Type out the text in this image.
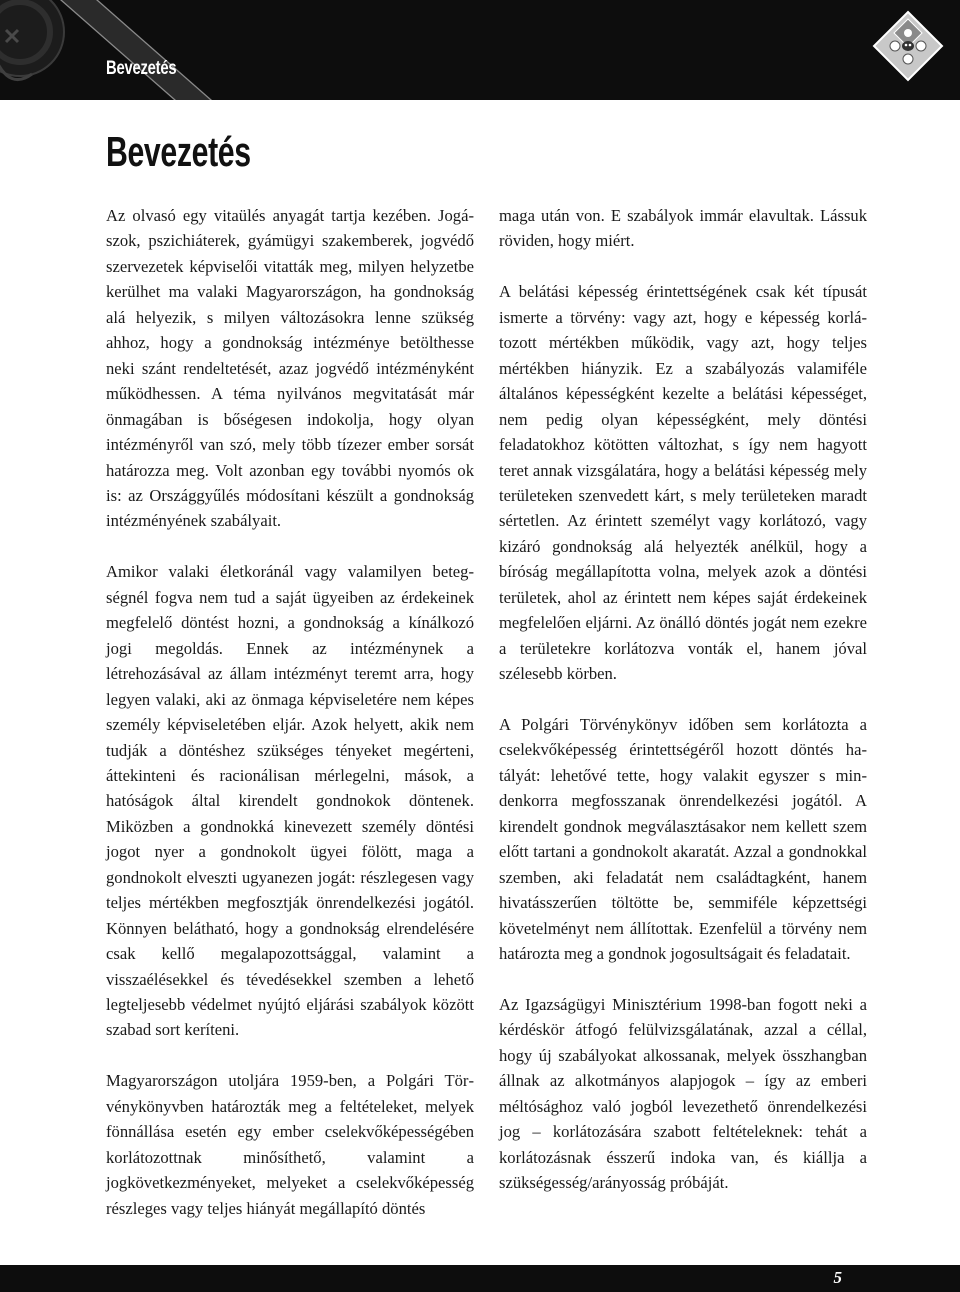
Bevezetés
Bevezetés

Az olvasó egy vitaülés anyagát tartja kezében. Jogászok, pszichiáterek, gyámügyi szakemberek, jogvédő szervezetek képviselői vitatták meg, milyen helyzetbe kerülhet ma valaki Magyarországon, ha gondnokság alá helyezik, s milyen változásokra lenne szükség ahhoz, hogy a gondnokság intézménye betölthesse neki szánt rendeltetését, azaz jogvédő intézményként működhessen. A téma nyilvános megvitatását már önmagában is bőségesen indokolja, hogy olyan intézményről van szó, mely több tízezer ember sorsát határozza meg. Volt azonban egy további nyomós ok is: az Országgyűlés módosítani készült a gondnokság intézményének szabályait.

Amikor valaki életkoránál vagy valamilyen betegségnél fogva nem tud a saját ügyeiben az érdekeinek megfelelő döntést hozni, a gondnokság a kínálkozó jogi megoldás. Ennek az intézménynek a létrehozásával az állam intézményt teremt arra, hogy legyen valaki, aki az önmaga képviseletére nem képes személy képviseletében eljár. Azok helyett, akik nem tudják a döntéshez szükséges tényeket megérteni, áttekinteni és racionálisan mérlegelni, mások, a hatóságok által kirendelt gondnokok döntenek. Miközben a gondnokká kinevezett személy döntési jogot nyer a gondnokolt ügyei fölött, maga a gondnokolt elveszti ugyanezen jogát: részlegesen vagy teljes mértékben megfosztják önrendelkezési jogától. Könnyen belátható, hogy a gondnokság elrendelésére csak kellő megalapozottsággal, valamint a visszaélésekkel és tévedésekkel szemben a lehető legteljesebb védelmet nyújtó eljárási szabályok között szabad sort keríteni.

Magyarországon utoljára 1959-ben, a Polgári Törvénykönyvben határozták meg a feltételeket, melyek fönnállása esetén egy ember cselekvőképességében korlátozottnak minősíthető, valamint a jogkövetkezményeket, melyeket a cselekvőképesség részleges vagy teljes hiányát megállapító döntés

maga után von. E szabályok immár elavultak. Lássuk röviden, hogy miért.

A belátási képesség érintettségének csak két típusát ismerte a törvény: vagy azt, hogy e képesség korlátozott mértékben működik, vagy azt, hogy teljes mértékben hiányzik. Ez a szabályozás valamiféle általános képességként kezelte a belátási képességet, nem pedig olyan képességként, mely döntési feladatokhoz kötötten változhat, s így nem hagyott teret annak vizsgálatára, hogy a belátási képesség mely területeken szenvedett kárt, s mely területeken maradt sértetlen. Az érintett személyt vagy korlátozó, vagy kizáró gondnokság alá helyezték anélkül, hogy a bíróság megállapította volna, melyek azok a döntési területek, ahol az érintett nem képes saját érdekeinek megfelelően eljárni. Az önálló döntés jogát nem ezekre a területekre korlátozva vonták el, hanem jóval szélesebb körben.

A Polgári Törvénykönyv időben sem korlátozta a cselekvőképesség érintettségéről hozott döntés hatályát: lehetővé tette, hogy valakit egyszer s mindenkorra megfosszanak önrendelkezési jogától. A kirendelt gondnok megválasztásakor nem kellett szem előtt tartani a gondnokolt akaratát. Azzal a gondnokkal szemben, aki feladatát nem családtagként, hanem hivatásszerűen töltötte be, semmiféle képzettségi követelményt nem állítottak. Ezenfelül a törvény nem határozta meg a gondnok jogosultságait és feladatait.

Az Igazságügyi Minisztérium 1998-ban fogott neki a kérdéskör átfogó felülvizsgálatának, azzal a céllal, hogy új szabályokat alkossanak, melyek összhangban állnak az alkotmányos alapjogok – így az emberi méltósághoz való jogból levezethető önrendelkezési jog – korlátozására szabott feltételeknek: tehát a korlátozásnak ésszerű indoka van, és kiállja a szükségesség/arányosság próbáját.

5
